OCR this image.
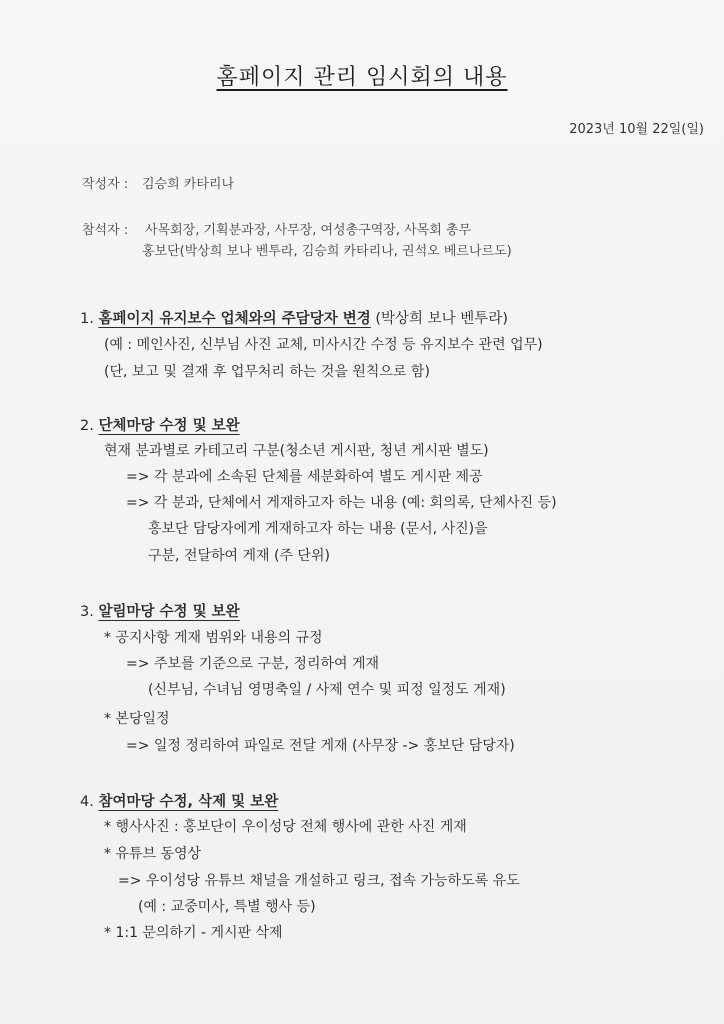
홈페이지 관리 임시회의 내용
2023년 10월 22일(일)
작성자 : 김승희 카타리나
참석자 : 사목회장, 기획분과장, 사무장, 여성총구역장, 사목회 총무
홍보단(박상희 보나 벤투라, 김승희 카타리나, 권석오 베르나르도)
1. 홈페이지 유지보수 업체와의 주담당자 변경 (박상희 보나 벤투라)
(예 : 메인사진, 신부님 사진 교체, 미사시간 수정 등 유지보수 관련 업무)
(단, 보고 및 결재 후 업무처리 하는 것을 원칙으로 함)
2. 단체마당 수정 및 보완
현재 분과별로 카테고리 구분(청소년 게시판, 청년 게시판 별도)
=> 각 분과에 소속된 단체를 세분화하여 별도 게시판 제공
=> 각 분과, 단체에서 게재하고자 하는 내용 (예: 회의록, 단체사진 등)
홍보단 담당자에게 게재하고자 하는 내용 (문서, 사진)을
구분, 전달하여 게재 (주 단위)
3. 알림마당 수정 및 보완
* 공지사항 게재 범위와 내용의 규정
=> 주보를 기준으로 구분, 정리하여 게재
(신부님, 수녀님 영명축일 / 사제 연수 및 피정 일정도 게재)
* 본당일정
=> 일정 정리하여 파일로 전달 게재 (사무장 -> 홍보단 담당자)
4. 참여마당 수정, 삭제 및 보완
* 행사사진 : 홍보단이 우이성당 전체 행사에 관한 사진 게재
* 유튜브 동영상
=> 우이성당 유튜브 채널을 개설하고 링크, 접속 가능하도록 유도
(예 : 교중미사, 특별 행사 등)
* 1:1 문의하기 - 게시판 삭제
